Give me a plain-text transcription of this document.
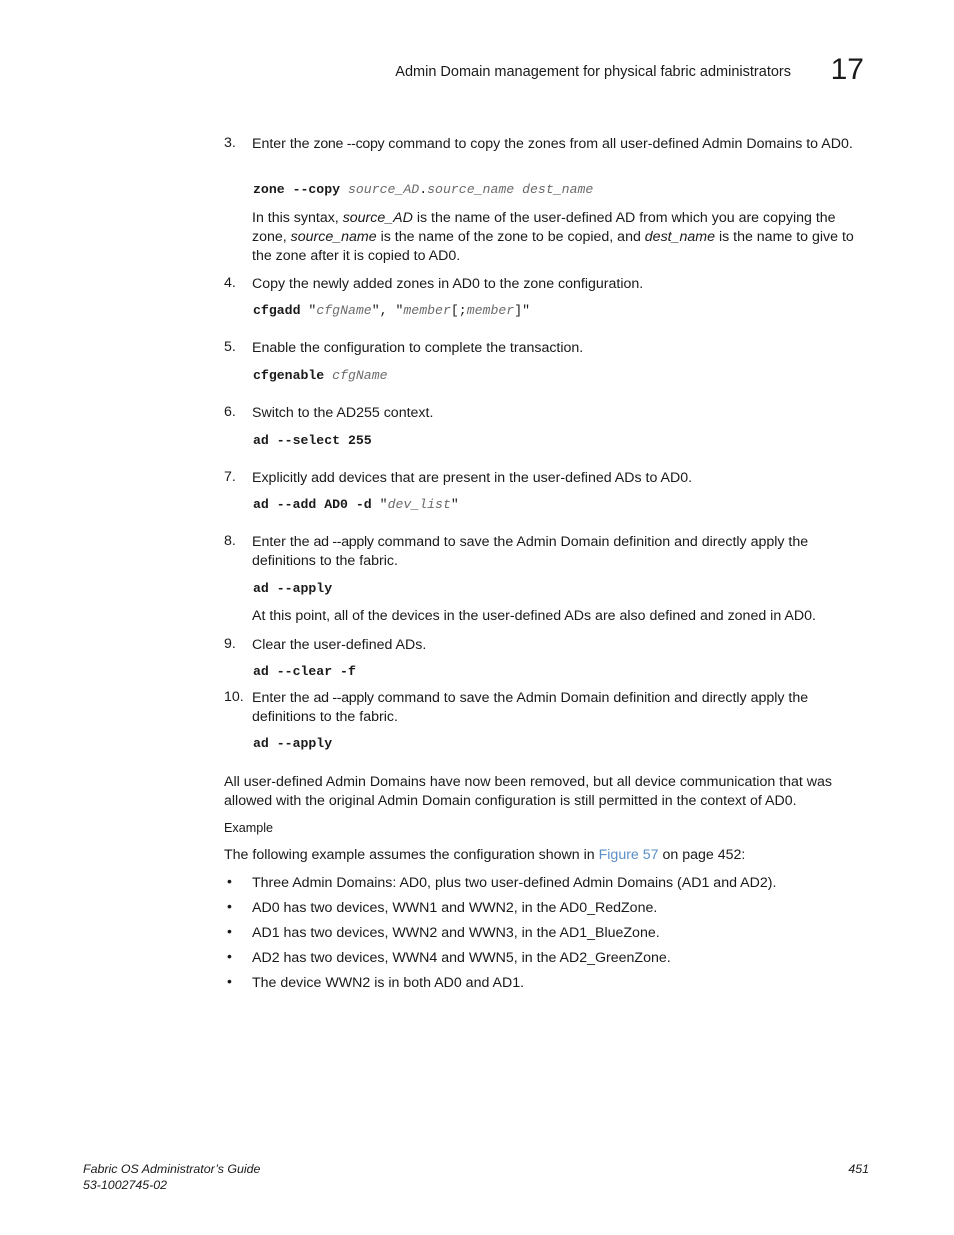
Admin Domain management for physical fabric administrators 17
3. Enter the zone --copy command to copy the zones from all user-defined Admin Domains to AD0.
zone --copy source_AD.source_name dest_name
In this syntax, source_AD is the name of the user-defined AD from which you are copying the zone, source_name is the name of the zone to be copied, and dest_name is the name to give to the zone after it is copied to AD0.
4. Copy the newly added zones in AD0 to the zone configuration.
cfgadd "cfgName", "member[;member]"
5. Enable the configuration to complete the transaction.
cfgenable cfgName
6. Switch to the AD255 context.
ad --select 255
7. Explicitly add devices that are present in the user-defined ADs to AD0.
ad --add AD0 -d "dev_list"
8. Enter the ad --apply command to save the Admin Domain definition and directly apply the definitions to the fabric.
ad --apply
At this point, all of the devices in the user-defined ADs are also defined and zoned in AD0.
9. Clear the user-defined ADs.
ad --clear -f
10. Enter the ad --apply command to save the Admin Domain definition and directly apply the definitions to the fabric.
ad --apply
All user-defined Admin Domains have now been removed, but all device communication that was allowed with the original Admin Domain configuration is still permitted in the context of AD0.
Example
The following example assumes the configuration shown in Figure 57 on page 452:
• Three Admin Domains: AD0, plus two user-defined Admin Domains (AD1 and AD2).
• AD0 has two devices, WWN1 and WWN2, in the AD0_RedZone.
• AD1 has two devices, WWN2 and WWN3, in the AD1_BlueZone.
• AD2 has two devices, WWN4 and WWN5, in the AD2_GreenZone.
• The device WWN2 is in both AD0 and AD1.
Fabric OS Administrator’s Guide
53-1002745-02
451
